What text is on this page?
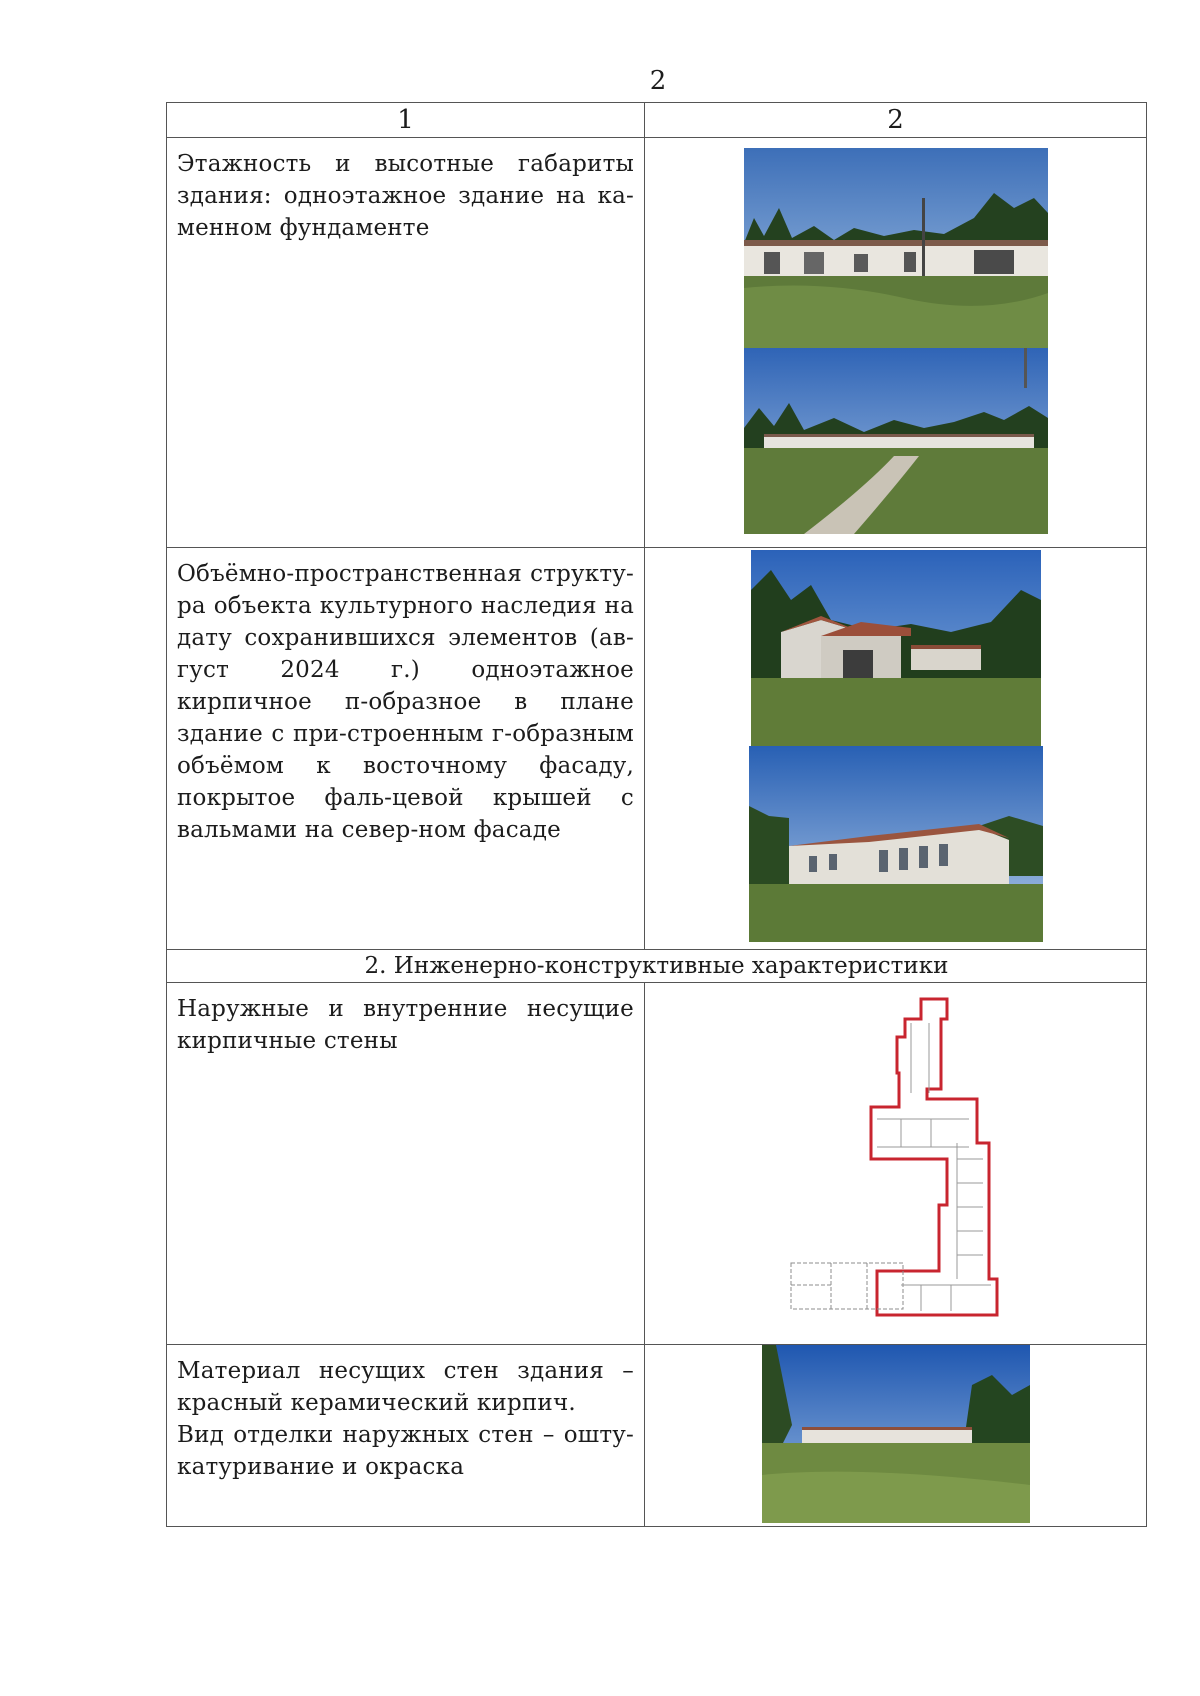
2
1	2

Этажность и высотные габариты здания: одноэтажное здание на ка-менном фундаменте

Объёмно-пространственная структу-ра объекта культурного наследия на дату сохранившихся элементов (ав-густ 2024 г.) одноэтажное кирпичное п-образное в плане здание с при-строенным г-образным объёмом к восточному фасаду, покрытое фаль-цевой крышей с вальмами на север-ном фасаде

2. Инженерно-конструктивные характеристики	

Наружные и внутренние несущие кирпичные стены

Материал несущих стен здания – красный керамический кирпич.
Вид отделки наружных стен – ошту-катуривание и окраска
